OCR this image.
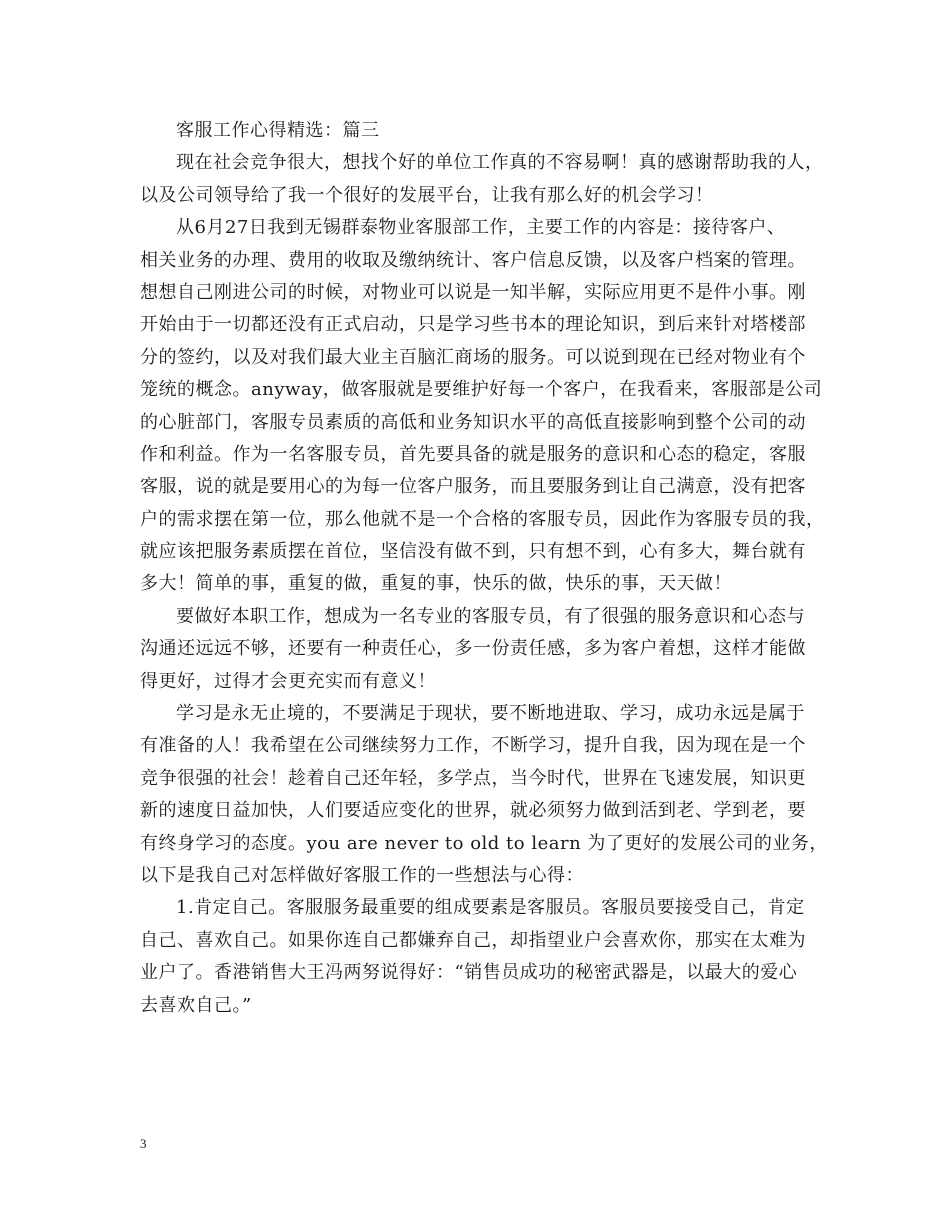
客服工作心得精选：篇三
现在社会竞争很大，想找个好的单位工作真的不容易啊！真的感谢帮助我的人，
以及公司领导给了我一个很好的发展平台，让我有那么好的机会学习！
从6月27日我到无锡群泰物业客服部工作，主要工作的内容是：接待客户、
相关业务的办理、费用的收取及缴纳统计、客户信息反馈，以及客户档案的管理。
想想自己刚进公司的时候，对物业可以说是一知半解，实际应用更不是件小事。刚
开始由于一切都还没有正式启动，只是学习些书本的理论知识，到后来针对塔楼部
分的签约，以及对我们最大业主百脑汇商场的服务。可以说到现在已经对物业有个
笼统的概念。anyway，做客服就是要维护好每一个客户，在我看来，客服部是公司
的心脏部门，客服专员素质的高低和业务知识水平的高低直接影响到整个公司的动
作和利益。作为一名客服专员，首先要具备的就是服务的意识和心态的稳定，客服
客服，说的就是要用心的为每一位客户服务，而且要服务到让自己满意，没有把客
户的需求摆在第一位，那么他就不是一个合格的客服专员，因此作为客服专员的我，
就应该把服务素质摆在首位，坚信没有做不到，只有想不到，心有多大，舞台就有
多大！简单的事，重复的做，重复的事，快乐的做，快乐的事，天天做！
要做好本职工作，想成为一名专业的客服专员，有了很强的服务意识和心态与
沟通还远远不够，还要有一种责任心，多一份责任感，多为客户着想，这样才能做
得更好，过得才会更充实而有意义！
学习是永无止境的，不要满足于现状，要不断地进取、学习，成功永远是属于
有准备的人！我希望在公司继续努力工作，不断学习，提升自我，因为现在是一个
竞争很强的社会！趁着自己还年轻，多学点，当今时代，世界在飞速发展，知识更
新的速度日益加快，人们要适应变化的世界，就必须努力做到活到老、学到老，要
有终身学习的态度。you are never to old to learn 为了更好的发展公司的业务，
以下是我自己对怎样做好客服工作的一些想法与心得：
1.肯定自己。客服服务最重要的组成要素是客服员。客服员要接受自己，肯定
自己、喜欢自己。如果你连自己都嫌弃自己，却指望业户会喜欢你，那实在太难为
业户了。香港销售大王冯两努说得好：“销售员成功的秘密武器是，以最大的爱心
去喜欢自己。”
3
